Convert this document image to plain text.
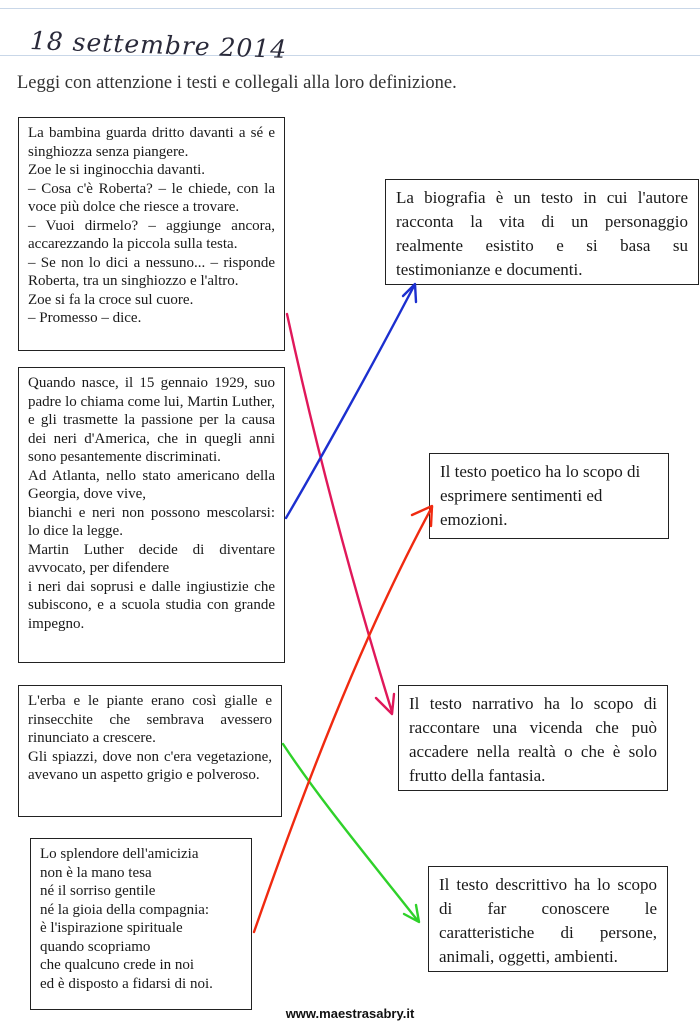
18 settembre 2014
Leggi con attenzione i testi e collegali alla loro definizione.
La bambina guarda dritto davanti a sé e singhiozza senza piangere.
Zoe le si inginocchia davanti.
– Cosa c'è Roberta? – le chiede, con la voce più dolce che riesce a trovare.
– Vuoi dirmelo? – aggiunge ancora, accarezzando la piccola sulla testa.
– Se non lo dici a nessuno... – risponde Roberta, tra un singhiozzo e l'altro.
Zoe si fa la croce sul cuore.
– Promesso – dice.
Quando nasce, il 15 gennaio 1929, suo padre lo chiama come lui, Martin Luther, e gli trasmette la passione per la causa dei neri d'America, che in quegli anni sono pesantemente discriminati.
Ad Atlanta, nello stato americano della Georgia, dove vive,
bianchi e neri non possono mescolarsi: lo dice la legge.
Martin Luther decide di diventare avvocato, per difendere
i neri dai soprusi e dalle ingiustizie che subiscono, e a scuola studia con grande impegno.
L'erba e le piante erano così gialle e rinsecchite che sembrava avessero rinunciato a crescere.
Gli spiazzi, dove non c'era vegetazione, avevano un aspetto grigio e polveroso.
Lo splendore dell'amicizia
non è la mano tesa
né il sorriso gentile
né la gioia della compagnia:
è l'ispirazione spirituale
quando scopriamo
che qualcuno crede in noi
ed è disposto a fidarsi di noi.
La biografia è un testo in cui l'autore racconta la vita di un personaggio realmente esistito e si basa su testimonianze e documenti.
Il testo poetico ha lo scopo di esprimere sentimenti ed emozioni.
Il testo narrativo ha lo scopo di raccontare una vicenda che può accadere nella realtà o che è solo frutto della fantasia.
Il testo descrittivo ha lo scopo di far conoscere le caratteristiche di persone, animali, oggetti, ambienti.
www.maestrasabry.it
